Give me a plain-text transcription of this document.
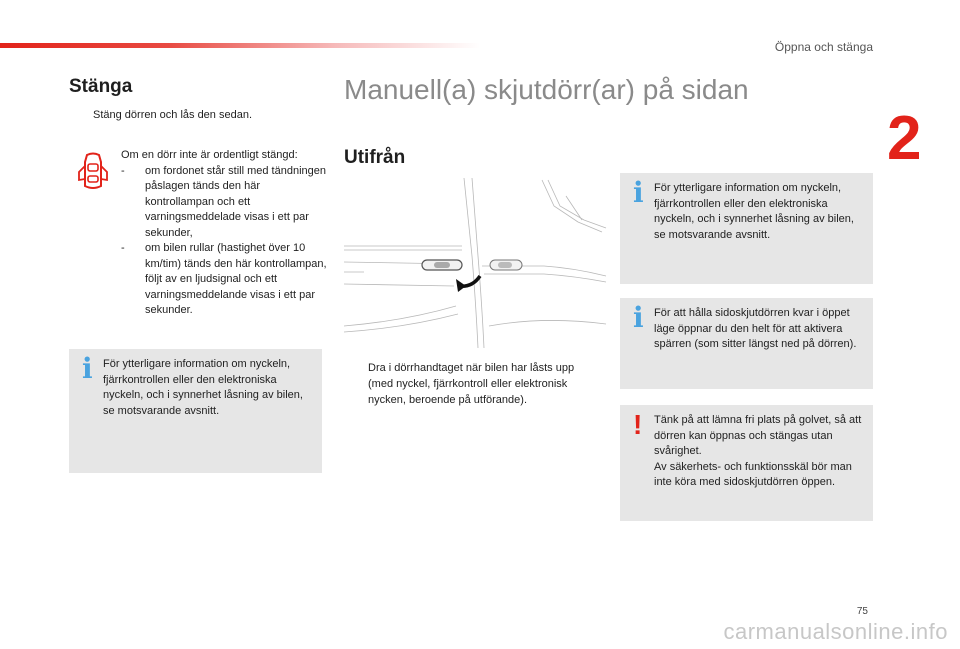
Öppna och stänga
2
Stänga
Stäng dörren och lås den sedan.
Om en dörr inte är ordentligt stängd:
- om fordonet står still med tändningen påslagen tänds den här kontrollampan och ett varningsmeddelade visas i ett par sekunder,
- om bilen rullar (hastighet över 10 km/tim) tänds den här kontrollampan, följt av en ljudsignal och ett varningsmeddelande visas i ett par sekunder.
i För ytterligare information om nyckeln, fjärrkontrollen eller den elektroniska nyckeln, och i synnerhet låsning av bilen, se motsvarande avsnitt.
Manuell(a) skjutdörr(ar) på sidan
Utifrån
Dra i dörrhandtaget när bilen har låsts upp (med nyckel, fjärrkontroll eller elektronisk nycken, beroende på utförande).
i För ytterligare information om nyckeln, fjärrkontrollen eller den elektroniska nyckeln, och i synnerhet låsning av bilen, se motsvarande avsnitt.
i För att hålla sidoskjutdörren kvar i öppet läge öppnar du den helt för att aktivera spärren (som sitter längst ned på dörren).
! Tänk på att lämna fri plats på golvet, så att dörren kan öppnas och stängas utan svårighet.
Av säkerhets- och funktionsskäl bör man inte köra med sidoskjutdörren öppen.
75
carmanualsonline.info
